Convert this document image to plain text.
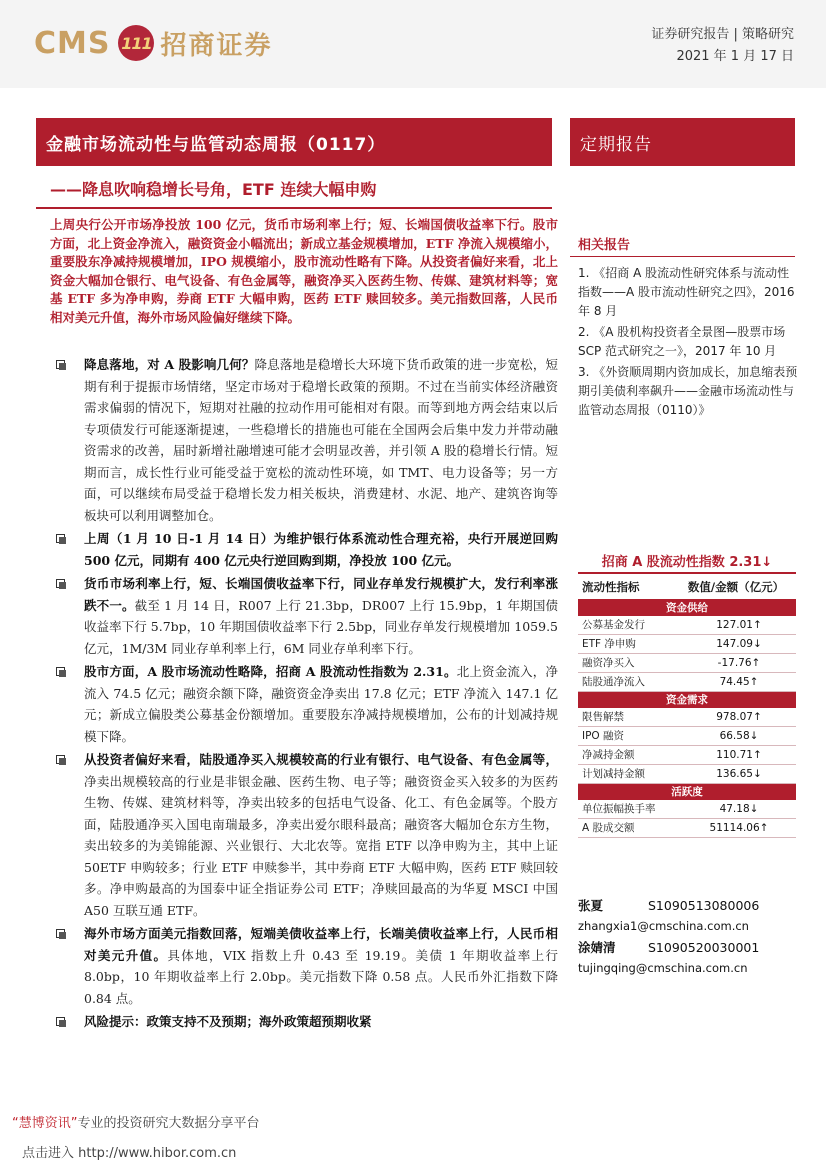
CMS 111 招商证券	证券研究报告 | 策略研究
2021 年 1 月 17 日
金融市场流动性与监管动态周报（0117）	定期报告
——降息吹响稳增长号角，ETF 连续大幅申购
上周央行公开市场净投放 100 亿元，货币市场利率上行；短、长端国债收益率下行。股市方面，北上资金净流入，融资资金小幅流出；新成立基金规模增加，ETF 净流入规模缩小，重要股东净减持规模增加，IPO 规模缩小，股市流动性略有下降。从投资者偏好来看，北上资金大幅加仓银行、电气设备、有色金属等，融资净买入医药生物、传媒、建筑材料等；宽基 ETF 多为净申购，券商 ETF 大幅申购，医药 ETF 赎回较多。美元指数回落，人民币相对美元升值，海外市场风险偏好继续下降。
降息落地，对 A 股影响几何？降息落地是稳增长大环境下货币政策的进一步宽松，短期有利于提振市场情绪，坚定市场对于稳增长政策的预期。不过在当前实体经济融资需求偏弱的情况下，短期对社融的拉动作用可能相对有限。而等到地方两会结束以后专项债发行可能逐渐提速，一些稳增长的措施也可能在全国两会后集中发力并带动融资需求的改善，届时新增社融增速可能才会明显改善，并引领 A 股的稳增长行情。短期而言，成长性行业可能受益于宽松的流动性环境，如 TMT、电力设备等；另一方面，可以继续布局受益于稳增长发力相关板块，消费建材、水泥、地产、建筑咨询等板块可以利用调整加仓。
上周（1 月 10 日-1 月 14 日）为维护银行体系流动性合理充裕，央行开展逆回购 500 亿元，同期有 400 亿元央行逆回购到期，净投放 100 亿元。
货币市场利率上行，短、长端国债收益率下行，同业存单发行规模扩大，发行利率涨跌不一。截至 1 月 14 日，R007 上行 21.3bp，DR007 上行 15.9bp，1 年期国债收益率下行 5.7bp，10 年期国债收益率下行 2.5bp，同业存单发行规模增加 1059.5 亿元，1M/3M 同业存单利率上行，6M 同业存单利率下行。
股市方面，A 股市场流动性略降，招商 A 股流动性指数为 2.31。北上资金流入，净流入 74.5 亿元；融资余额下降，融资资金净卖出 17.8 亿元；ETF 净流入 147.1 亿元；新成立偏股类公募基金份额增加。重要股东净减持规模增加，公布的计划减持规模下降。
从投资者偏好来看，陆股通净买入规模较高的行业有银行、电气设备、有色金属等，净卖出规模较高的行业是非银金融、医药生物、电子等；融资资金买入较多的为医药生物、传媒、建筑材料等，净卖出较多的包括电气设备、化工、有色金属等。个股方面，陆股通净买入国电南瑞最多，净卖出爱尔眼科最高；融资客大幅加仓东方生物，卖出较多的为美锦能源、兴业银行、大北农等。宽指 ETF 以净申购为主，其中上证 50ETF 申购较多；行业 ETF 申赎参半，其中券商 ETF 大幅申购，医药 ETF 赎回较多。净申购最高的为国泰中证全指证券公司 ETF；净赎回最高的为华夏 MSCI 中国 A50 互联互通 ETF。
海外市场方面美元指数回落，短端美债收益率上行，长端美债收益率上行，人民币相对美元升值。具体地，VIX 指数上升 0.43 至 19.19。美债 1 年期收益率上行 8.0bp，10 年期收益率上行 2.0bp。美元指数下降 0.58 点。人民币外汇指数下降 0.84 点。
风险提示：政策支持不及预期；海外政策超预期收紧
相关报告
1. 《招商 A 股流动性研究体系与流动性指数——A 股市流动性研究之四》，2016 年 8 月
2. 《A 股机构投资者全景图—股票市场 SCP 范式研究之一》，2017 年 10 月
3. 《外资顺周期内资加成长，加息缩表预期引美债利率飙升——金融市场流动性与监管动态周报（0110）》
招商 A 股流动性指数 2.31↓
流动性指标	数值/金额（亿元）
资金供给
公募基金发行	127.01↑
ETF 净申购	147.09↓
融资净买入	-17.76↑
陆股通净流入	74.45↑
资金需求
限售解禁	978.07↑
IPO 融资	66.58↓
净减持金额	110.71↑
计划减持金额	136.65↓
活跃度
单位振幅换手率	47.18↓
A 股成交额	51114.06↑
张夏	S1090513080006
zhangxia1@cmschina.com.cn
涂婧清	S1090520030001
tujingqing@cmschina.com.cn
“慧博资讯”专业的投资研究大数据分享平台
点击进入 http://www.hibor.com.cn
